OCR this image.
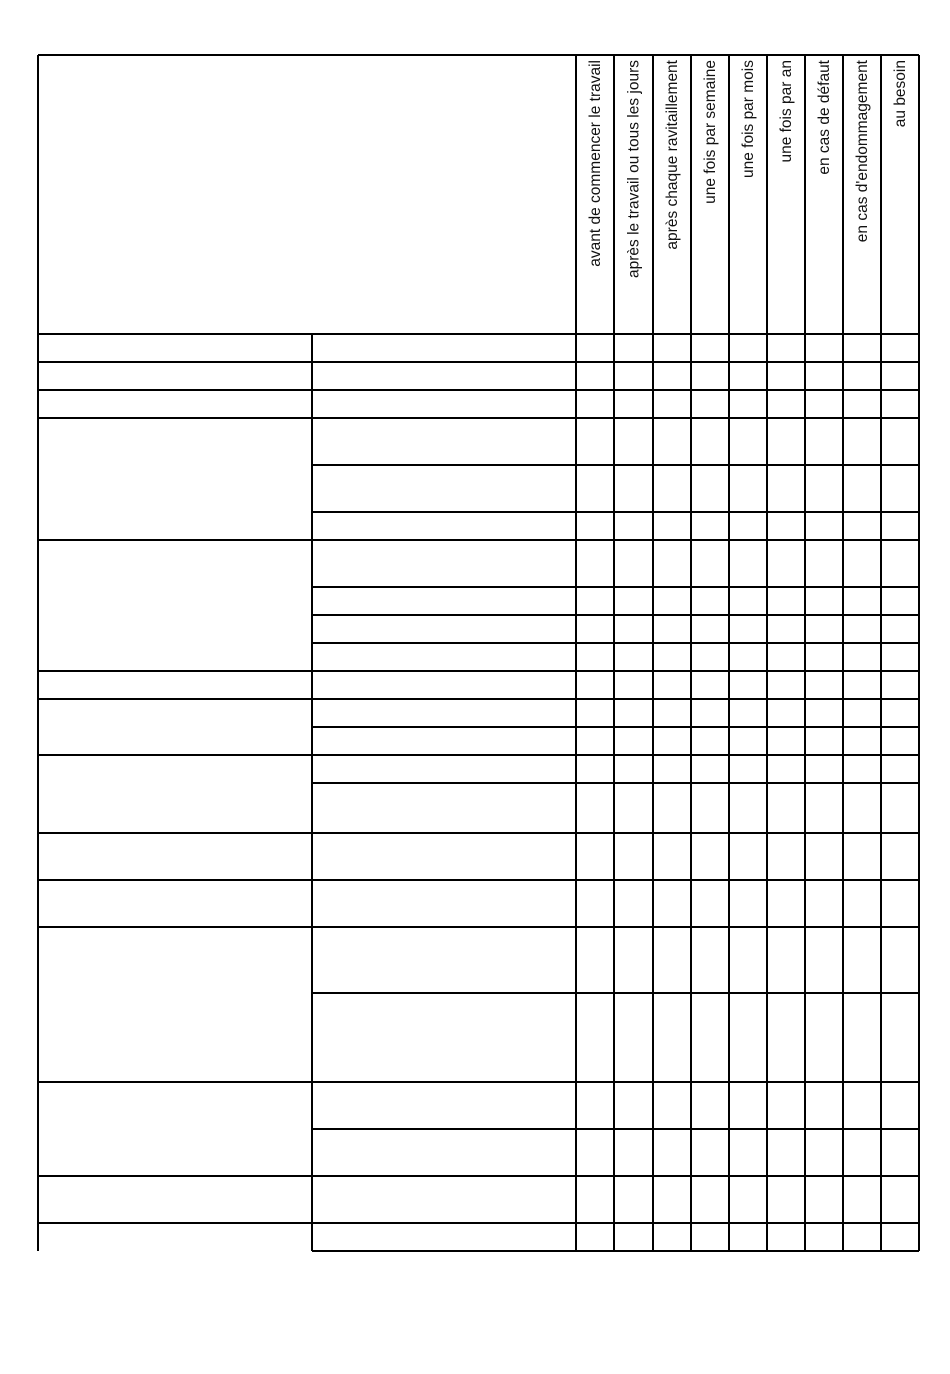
avant de commencer le travail après le travail ou tous les jours après chaque ravitaillement une fois par semaine une fois par mois une fois par an en cas de défaut en cas d'endommagement au besoin
